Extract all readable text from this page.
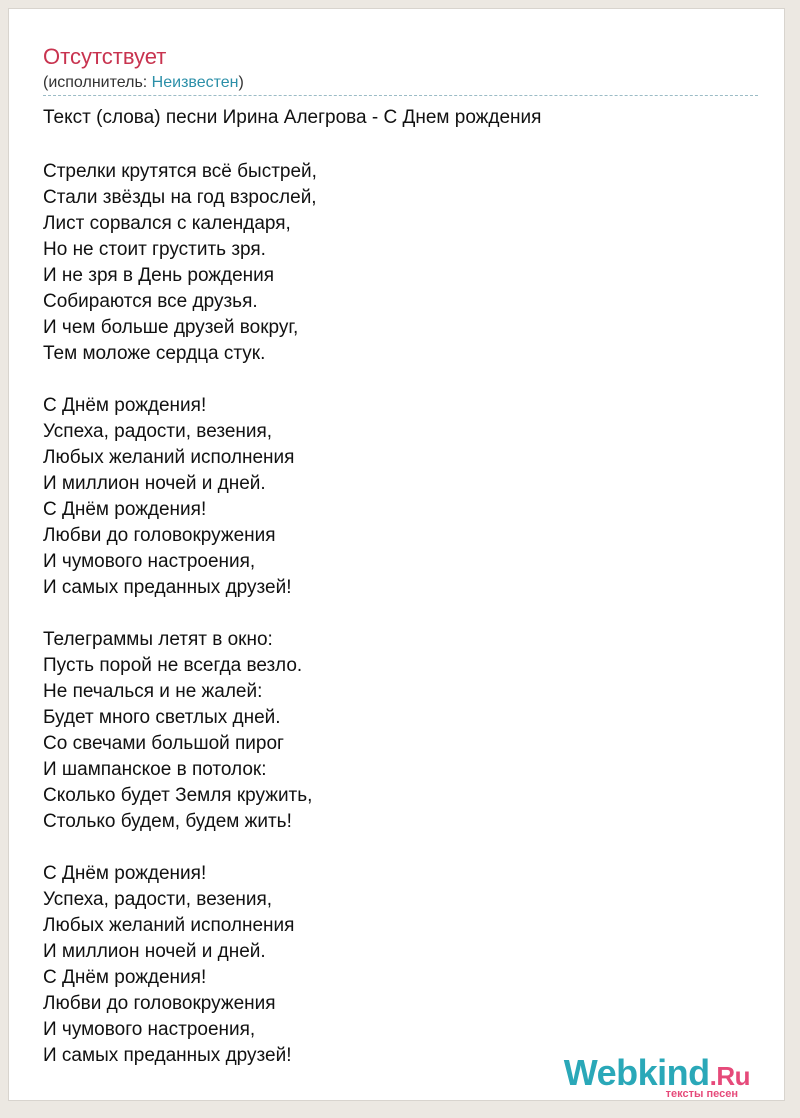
Отсутствует
(исполнитель: Неизвестен)
Текст (слова) песни Ирина Алегрова - С Днем рождения
Стрелки крутятся всё быстрей,
Стали звёзды на год взрослей,
Лист сорвался с календаря,
Но не стоит грустить зря.
И не зря в День рождения
Собираются все друзья.
И чем больше друзей вокруг,
Тем моложе сердца стук.
С Днём рождения!
Успеха, радости, везения,
Любых желаний исполнения
И миллион ночей и дней.
С Днём рождения!
Любви до головокружения
И чумового настроения,
И самых преданных друзей!
Телеграммы летят в окно:
Пусть порой не всегда везло.
Не печалься и не жалей:
Будет много светлых дней.
Со свечами большой пирог
И шампанское в потолок:
Сколько будет Земля кружить,
Столько будем, будем жить!
С Днём рождения!
Успеха, радости, везения,
Любых желаний исполнения
И миллион ночей и дней.
С Днём рождения!
Любви до головокружения
И чумового настроения,
И самых преданных друзей!	Webkind.Ru
тексты песен
